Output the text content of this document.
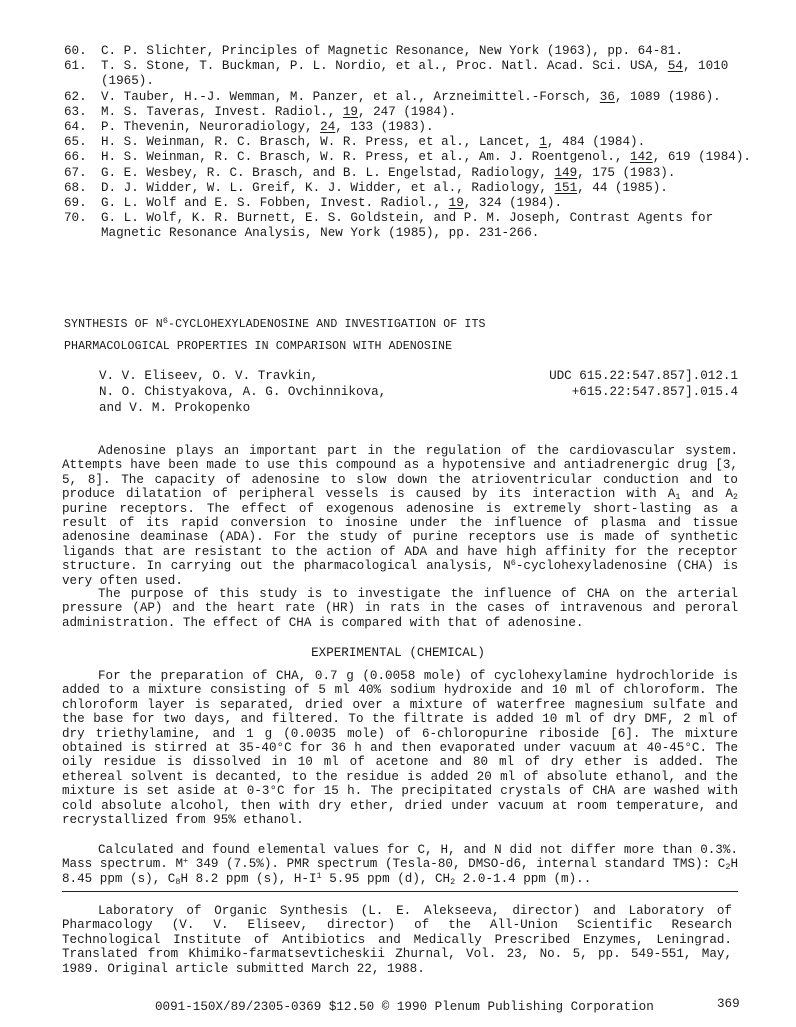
60. C. P. Slichter, Principles of Magnetic Resonance, New York (1963), pp. 64-81.
61. T. S. Stone, T. Buckman, P. L. Nordio, et al., Proc. Natl. Acad. Sci. USA, 54, 1010
(1965).
62. V. Tauber, H.-J. Wemman, M. Panzer, et al., Arzneimittel.-Forsch, 36, 1089 (1986).
63. M. S. Taveras, Invest. Radiol., 19, 247 (1984).
64. P. Thevenin, Neuroradiology, 24, 133 (1983).
65. H. S. Weinman, R. C. Brasch, W. R. Press, et al., Lancet, 1, 484 (1984).
66. H. S. Weinman, R. C. Brasch, W. R. Press, et al., Am. J. Roentgenol., 142, 619 (1984).
67. G. E. Wesbey, R. C. Brasch, and B. L. Engelstad, Radiology, 149, 175 (1983).
68. D. J. Widder, W. L. Greif, K. J. Widder, et al., Radiology, 151, 44 (1985).
69. G. L. Wolf and E. S. Fobben, Invest. Radiol., 19, 324 (1984).
70. G. L. Wolf, K. R. Burnett, E. S. Goldstein, and P. M. Joseph, Contrast Agents for
Magnetic Resonance Analysis, New York (1985), pp. 231-266.
SYNTHESIS OF $N^6$-CYCLOHEXYLADENOSINE AND INVESTIGATION OF ITS
PHARMACOLOGICAL PROPERTIES IN COMPARISON WITH ADENOSINE
V. V. Eliseev, O. V. Travkin,
N. O. Chistyakova, A. G. Ovchinnikova,
and V. M. Prokopenko
UDC 615.22:547.857].012.1
+615.22:547.857].015.4

Adenosine plays an important part in the regulation of the cardiovascular system. Attempts have been made to use this compound as a hypotensive and antiadrenergic drug [3, 5, 8]. The capacity of adenosine to slow down the atrioventricular conduction and to produce dilatation of peripheral vessels is caused by its interaction with $A_1$ and $A_2$ purine receptors. The effect of exogenous adenosine is extremely short-lasting as a result of its rapid conversion to inosine under the influence of plasma and tissue adenosine deaminase (ADA). For the study of purine receptors use is made of synthetic ligands that are resistant to the action of ADA and have high affinity for the receptor structure. In carrying out the pharmacological analysis, $N^6$-cyclohexyladenosine (CHA) is very often used.

The purpose of this study is to investigate the influence of CHA on the arterial pressure (AP) and the heart rate (HR) in rats in the cases of intravenous and peroral administration. The effect of CHA is compared with that of adenosine.

EXPERIMENTAL (CHEMICAL)

For the preparation of CHA, 0.7 g (0.0058 mole) of cyclohexylamine hydrochloride is added to a mixture consisting of 5 ml 40% sodium hydroxide and 10 ml of chloroform. The chloroform layer is separated, dried over a mixture of waterfree magnesium sulfate and the base for two days, and filtered. To the filtrate is added 10 ml of dry DMF, 2 ml of dry triethylamine, and 1 g (0.0035 mole) of 6-chloropurine riboside [6]. The mixture obtained is stirred at 35-40°C for 36 h and then evaporated under vacuum at 40-45°C. The oily residue is dissolved in 10 ml of acetone and 80 ml of dry ether is added. The ethereal solvent is decanted, to the residue is added 20 ml of absolute ethanol, and the mixture is set aside at 0-3°C for 15 h. The precipitated crystals of CHA are washed with cold absolute alcohol, then with dry ether, dried under vacuum at room temperature, and recrystallized from 95% ethanol.

Calculated and found elemental values for C, H, and N did not differ more than 0.3%. Mass spectrum. M+ 349 (7.5%). PMR spectrum (Tesla-80, DMSO-d6, internal standard TMS): $C_2H$ 8.45 ppm (s), $C_8H$ 8.2 ppm (s), $H-I^1$ 5.95 ppm (d), $CH_2$ 2.0-1.4 ppm (m)..

Laboratory of Organic Synthesis (L. E. Alekseeva, director) and Laboratory of Pharmacology (V. V. Eliseev, director) of the All-Union Scientific Research Technological Institute of Antibiotics and Medically Prescribed Enzymes, Leningrad. Translated from Khimiko-farmatsevticheskii Zhurnal, Vol. 23, No. 5, pp. 549-551, May, 1989. Original article submitted March 22, 1988.

0091-150X/89/2305-0369 $12.50 © 1990 Plenum Publishing Corporation	369
